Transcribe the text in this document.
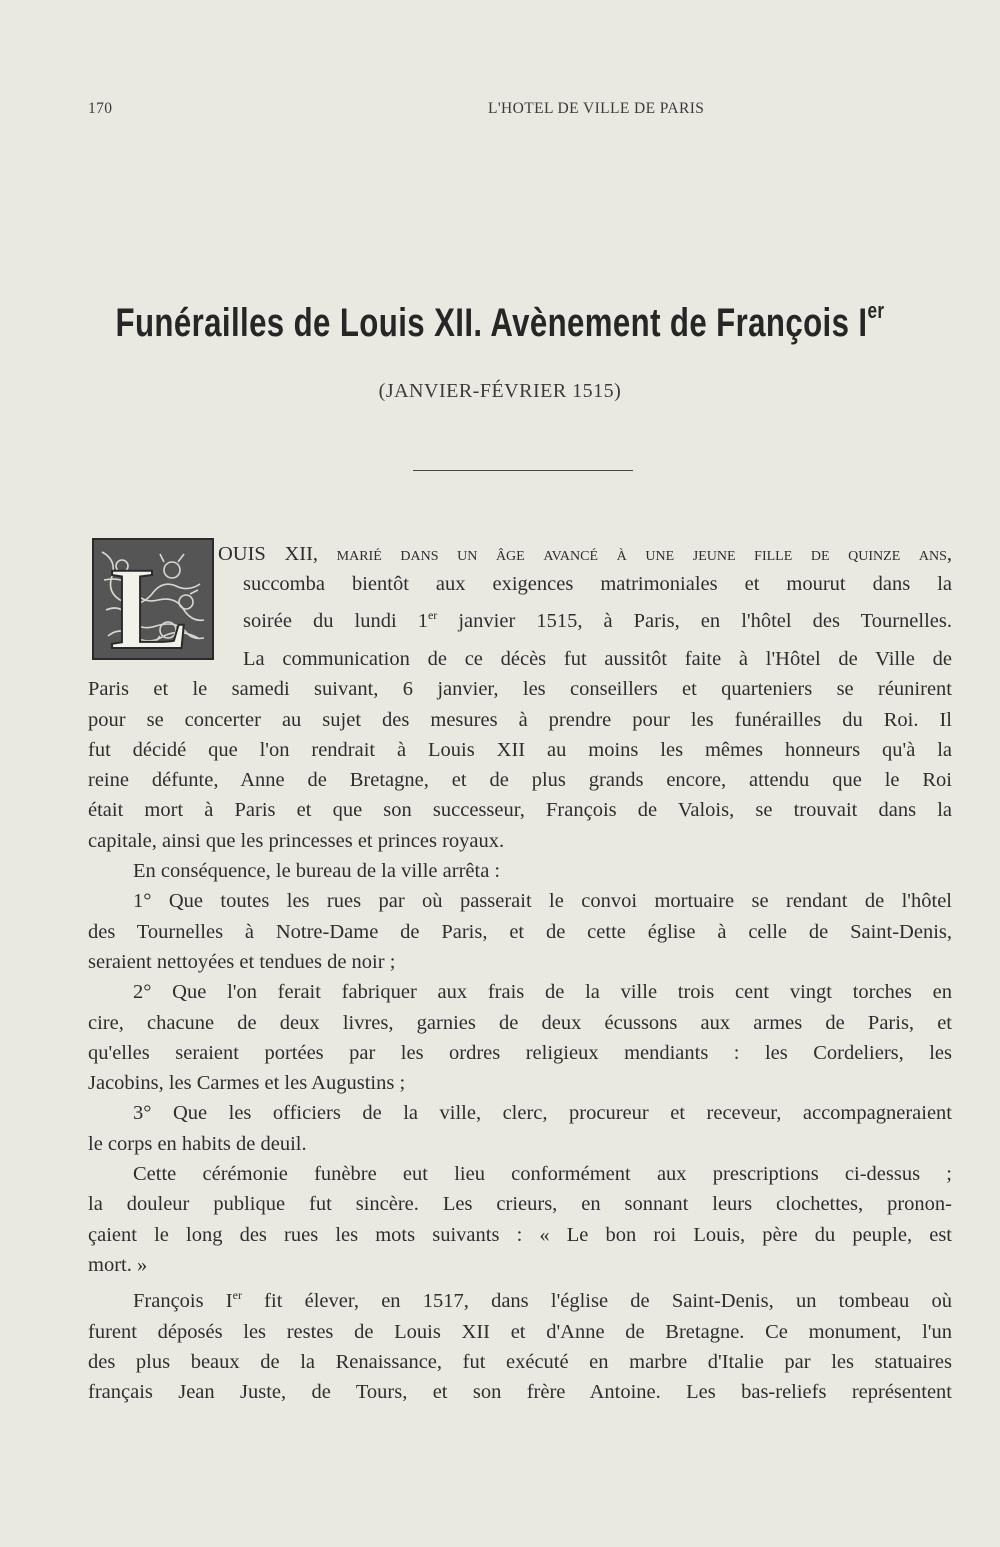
170	L'HOTEL DE VILLE DE PARIS
Funérailles de Louis XII. Avènement de François Ier
(JANVIER-FÉVRIER 1515)
L OUIS XII, marié dans un âge avancé à une jeune fille de quinze ans,
succomba bientôt aux exigences matrimoniales et mourut dans la
soirée du lundi 1er janvier 1515, à Paris, en l'hôtel des Tournelles.
La communication de ce décès fut aussitôt faite à l'Hôtel de Ville de
Paris et le samedi suivant, 6 janvier, les conseillers et quarteniers se réunirent
pour se concerter au sujet des mesures à prendre pour les funérailles du Roi. Il
fut décidé que l'on rendrait à Louis XII au moins les mêmes honneurs qu'à la
reine défunte, Anne de Bretagne, et de plus grands encore, attendu que le Roi
était mort à Paris et que son successeur, François de Valois, se trouvait dans la
capitale, ainsi que les princesses et princes royaux.
En conséquence, le bureau de la ville arrêta :
1° Que toutes les rues par où passerait le convoi mortuaire se rendant de l'hôtel
des Tournelles à Notre-Dame de Paris, et de cette église à celle de Saint-Denis,
seraient nettoyées et tendues de noir ;
2° Que l'on ferait fabriquer aux frais de la ville trois cent vingt torches en
cire, chacune de deux livres, garnies de deux écussons aux armes de Paris, et
qu'elles seraient portées par les ordres religieux mendiants : les Cordeliers, les
Jacobins, les Carmes et les Augustins ;
3° Que les officiers de la ville, clerc, procureur et receveur, accompagneraient
le corps en habits de deuil.
Cette cérémonie funèbre eut lieu conformément aux prescriptions ci-dessus ;
la douleur publique fut sincère. Les crieurs, en sonnant leurs clochettes, pronon-
çaient le long des rues les mots suivants : « Le bon roi Louis, père du peuple, est
mort. »
François Ier fit élever, en 1517, dans l'église de Saint-Denis, un tombeau où
furent déposés les restes de Louis XII et d'Anne de Bretagne. Ce monument, l'un
des plus beaux de la Renaissance, fut exécuté en marbre d'Italie par les statuaires
français Jean Juste, de Tours, et son frère Antoine. Les bas-reliefs représentent
